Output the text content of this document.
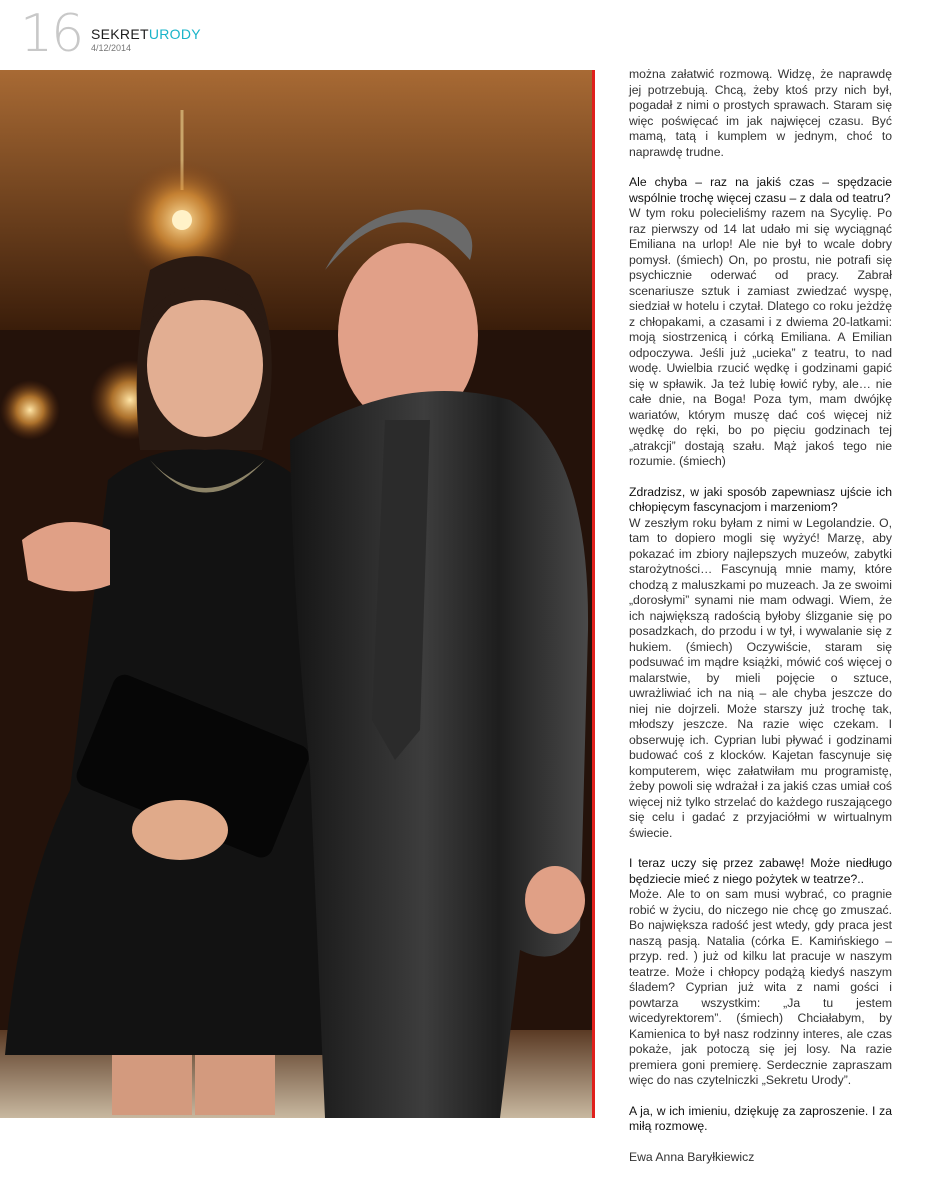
16 SEKRETURODY
4/12/2014

można załatwić rozmową. Widzę, że naprawdę jej potrzebują. Chcą, żeby ktoś przy nich był, pogadał z nimi o prostych sprawach. Staram się więc poświęcać im jak najwięcej czasu. Być mamą, tatą i kumplem w jednym, choć to naprawdę trudne.

Ale chyba – raz na jakiś czas – spędzacie wspólnie trochę więcej czasu – z dala od teatru?

W tym roku polecieliśmy razem na Sycylię. Po raz pierwszy od 14 lat udało mi się wyciągnąć Emiliana na urlop! Ale nie był to wcale dobry pomysł. (śmiech) On, po prostu, nie potrafi się psychicznie oderwać od pracy. Zabrał scenariusze sztuk i zamiast zwiedzać wyspę, siedział w hotelu i czytał. Dlatego co roku jeżdżę z chłopakami, a czasami i z dwiema 20-latkami: moją siostrzenicą i córką Emiliana. A Emilian odpoczywa. Jeśli już „ucieka” z teatru, to nad wodę. Uwielbia rzucić wędkę i godzinami gapić się w spławik. Ja też lubię łowić ryby, ale… nie całe dnie, na Boga! Poza tym, mam dwójkę wariatów, którym muszę dać coś więcej niż wędkę do ręki, bo po pięciu godzinach tej „atrakcji” dostają szału. Mąż jakoś tego nie rozumie. (śmiech)

Zdradzisz, w jaki sposób zapewniasz ujście ich chłopięcym fascynacjom i marzeniom?

W zeszłym roku byłam z nimi w Legolandzie. O, tam to dopiero mogli się wyżyć! Marzę, aby pokazać im zbiory najlepszych muzeów, zabytki starożytności… Fascynują mnie mamy, które chodzą z maluszkami po muzeach. Ja ze swoimi „dorosłymi” synami nie mam odwagi. Wiem, że ich największą radością byłoby ślizganie się po posadzkach, do przodu i w tył, i wywalanie się z hukiem. (śmiech) Oczywiście, staram się podsuwać im mądre książki, mówić coś więcej o malarstwie, by mieli pojęcie o sztuce, uwrażliwiać ich na nią – ale chyba jeszcze do niej nie dojrzeli. Może starszy już trochę tak, młodszy jeszcze. Na razie więc czekam. I obserwuję ich. Cyprian lubi pływać i godzinami budować coś z klocków. Kajetan fascynuje się komputerem, więc załatwiłam mu programistę, żeby powoli się wdrażał i za jakiś czas umiał coś więcej niż tylko strzelać do każdego ruszającego się celu i gadać z przyjaciółmi w wirtualnym świecie.

I teraz uczy się przez zabawę! Może niedługo będziecie mieć z niego pożytek w teatrze?..

Może. Ale to on sam musi wybrać, co pragnie robić w życiu, do niczego nie chcę go zmuszać. Bo największa radość jest wtedy, gdy praca jest naszą pasją. Natalia (córka E. Kamińskiego – przyp. red. ) już od kilku lat pracuje w naszym teatrze. Może i chłopcy podążą kiedyś naszym śladem? Cyprian już wita z nami gości i powtarza wszystkim: „Ja tu jestem wicedyrektorem”. (śmiech) Chciałabym, by Kamienica to był nasz rodzinny interes, ale czas pokaże, jak potoczą się jej losy. Na razie premiera goni premierę. Serdecznie zapraszam więc do nas czytelniczki „Sekretu Urody”.

A ja, w ich imieniu, dziękuję za zaproszenie. I za miłą rozmowę.

Ewa Anna Baryłkiewicz
